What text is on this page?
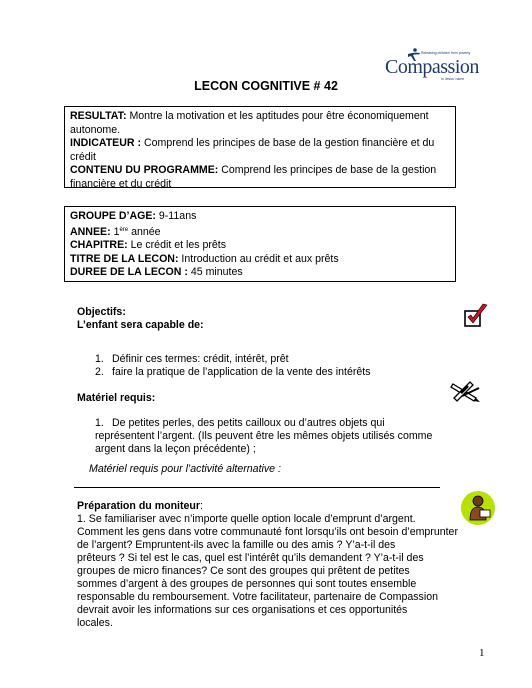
LECON COGNITIVE # 42
Releasing children from poverty
Compassion
in Jesus' name

RESULTAT: Montre la motivation et les aptitudes pour être économiquement autonome.

INDICATEUR : Comprend les principes de base de la gestion financière et du crédit

CONTENU DU PROGRAMME: Comprend les principes de base de la gestion financière et du crédit

GROUPE D’AGE: 9-11ans

ANNEE: 1ère année

CHAPITRE: Le crédit et les prêts

TITRE DE LA LECON: Introduction au crédit et aux prêts

DUREE DE LA LECON : 45 minutes

Objectifs:
L’enfant sera capable de:
1. Définir ces termes: crédit, intérêt, prêt
2. faire la pratique de l’application de la vente des intérêts
Matériel requis:
1. De petites perles, des petits cailloux ou d’autres objets qui
représentent l’argent. (Ils peuvent être les mêmes objets utilisés comme
argent dans la leçon précédente) ;
Matériel requis pour l’activité alternative :
Préparation du moniteur:
1. Se familiariser avec n’importe quelle option locale d’emprunt d’argent.
Comment les gens dans votre communauté font lorsqu’ils ont besoin d’emprunter
de l’argent? Empruntent-ils avec la famille ou des amis ? Y’a-t-il des
prêteurs ? Si tel est le cas, quel est l’intérêt qu’ils demandent ? Y’a-t-il des
groupes de micro finances? Ce sont des groupes qui prêtent de petites
sommes d’argent à des groupes de personnes qui sont toutes ensemble
responsable du remboursement. Votre facilitateur, partenaire de Compassion
devrait avoir les informations sur ces organisations et ces opportunités
locales.
1
